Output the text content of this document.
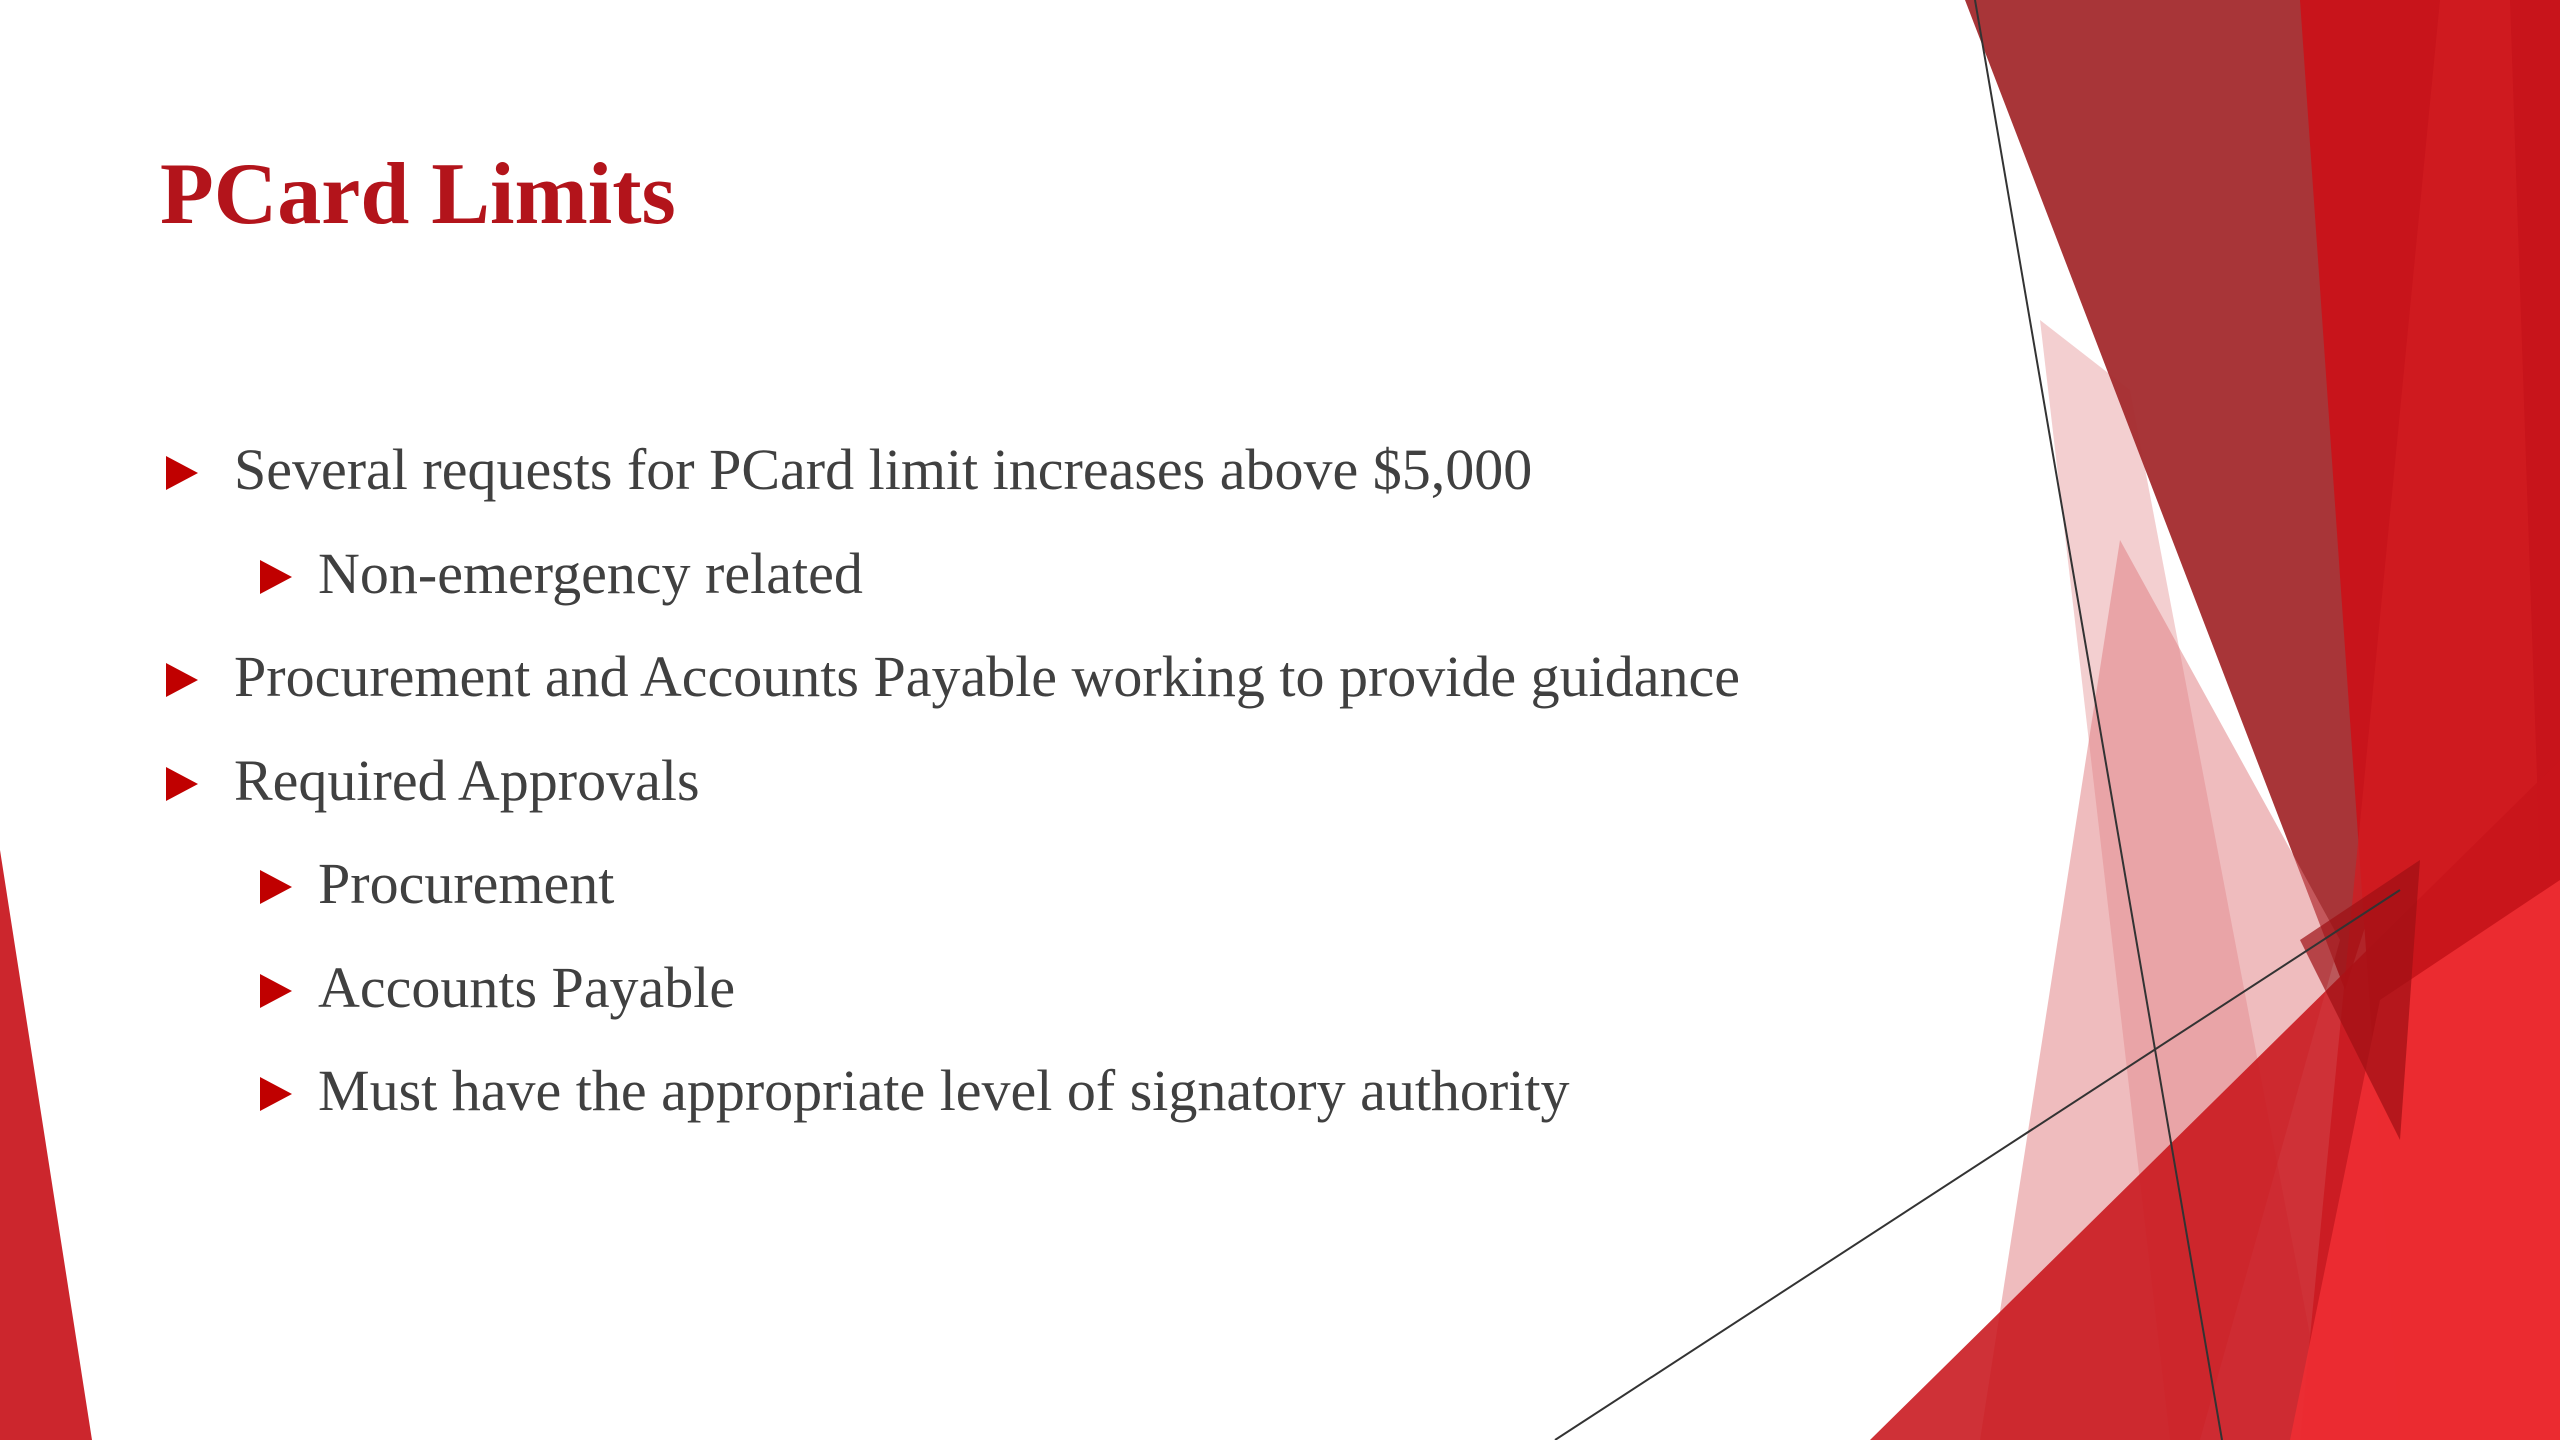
PCard Limits
Several requests for PCard limit increases above $5,000
Non-emergency related
Procurement and Accounts Payable working to provide guidance
Required Approvals
Procurement
Accounts Payable
Must have the appropriate level of signatory authority
